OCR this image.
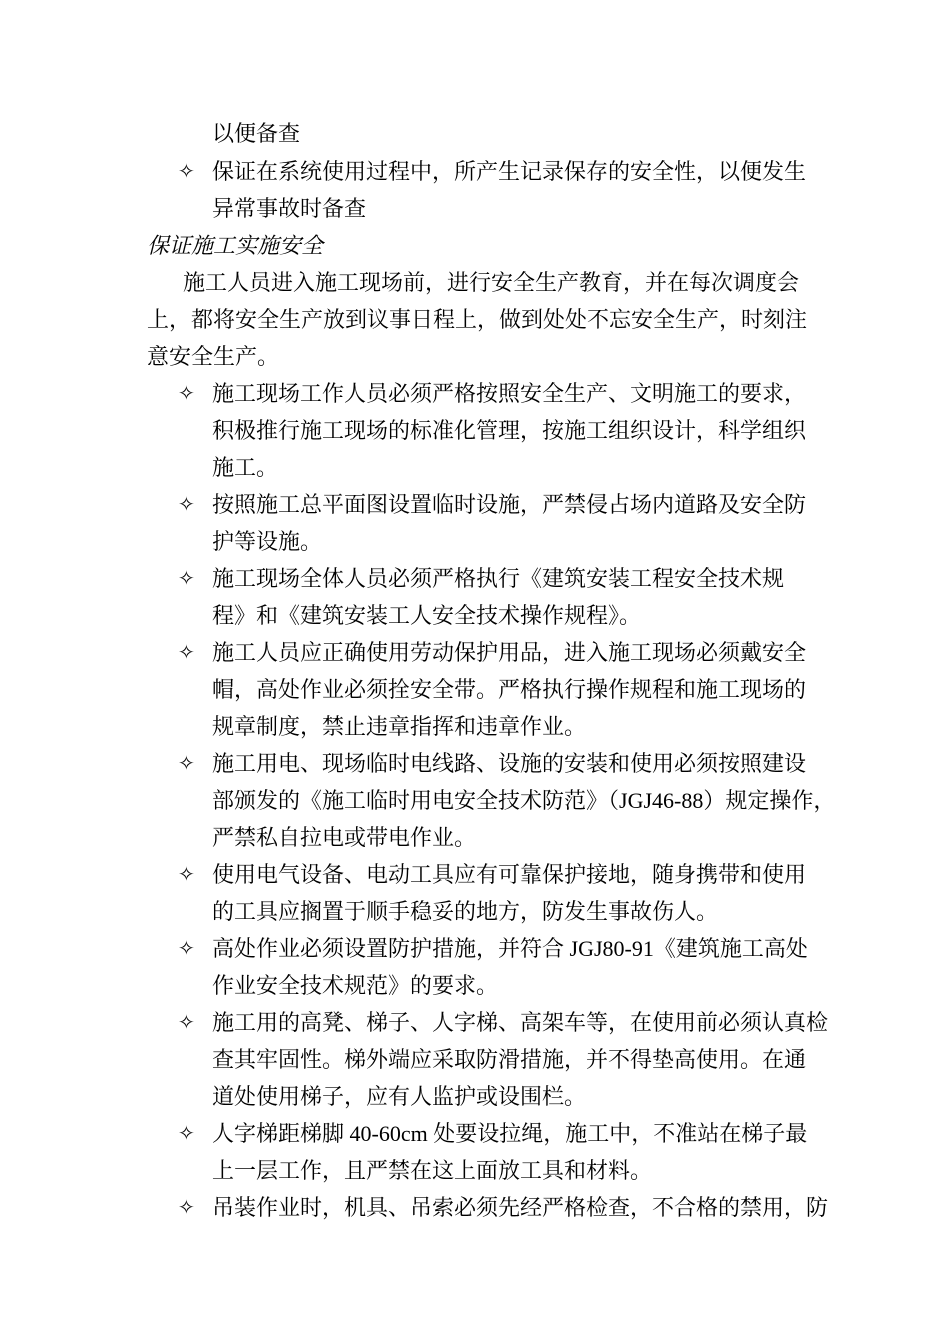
以便备查
✧ 保证在系统使用过程中，所产生记录保存的安全性，以便发生
异常事故时备查
保证施工实施安全
施工人员进入施工现场前，进行安全生产教育，并在每次调度会
上，都将安全生产放到议事日程上，做到处处不忘安全生产，时刻注
意安全生产。
✧ 施工现场工作人员必须严格按照安全生产、文明施工的要求，
积极推行施工现场的标准化管理，按施工组织设计，科学组织
施工。
✧ 按照施工总平面图设置临时设施，严禁侵占场内道路及安全防
护等设施。
✧ 施工现场全体人员必须严格执行《建筑安装工程安全技术规
程》和《建筑安装工人安全技术操作规程》。
✧ 施工人员应正确使用劳动保护用品，进入施工现场必须戴安全
帽，高处作业必须拴安全带。严格执行操作规程和施工现场的
规章制度，禁止违章指挥和违章作业。
✧ 施工用电、现场临时电线路、设施的安装和使用必须按照建设
部颁发的《施工临时用电安全技术防范》（JGJ46-88）规定操作，
严禁私自拉电或带电作业。
✧ 使用电气设备、电动工具应有可靠保护接地，随身携带和使用
的工具应搁置于顺手稳妥的地方，防发生事故伤人。
✧ 高处作业必须设置防护措施，并符合 JGJ80-91《建筑施工高处
作业安全技术规范》的要求。
✧ 施工用的高凳、梯子、人字梯、高架车等，在使用前必须认真检
查其牢固性。梯外端应采取防滑措施，并不得垫高使用。在通
道处使用梯子，应有人监护或设围栏。
✧ 人字梯距梯脚 40-60cm 处要设拉绳，施工中，不准站在梯子最
上一层工作，且严禁在这上面放工具和材料。
✧ 吊装作业时，机具、吊索必须先经严格检查，不合格的禁用，防
